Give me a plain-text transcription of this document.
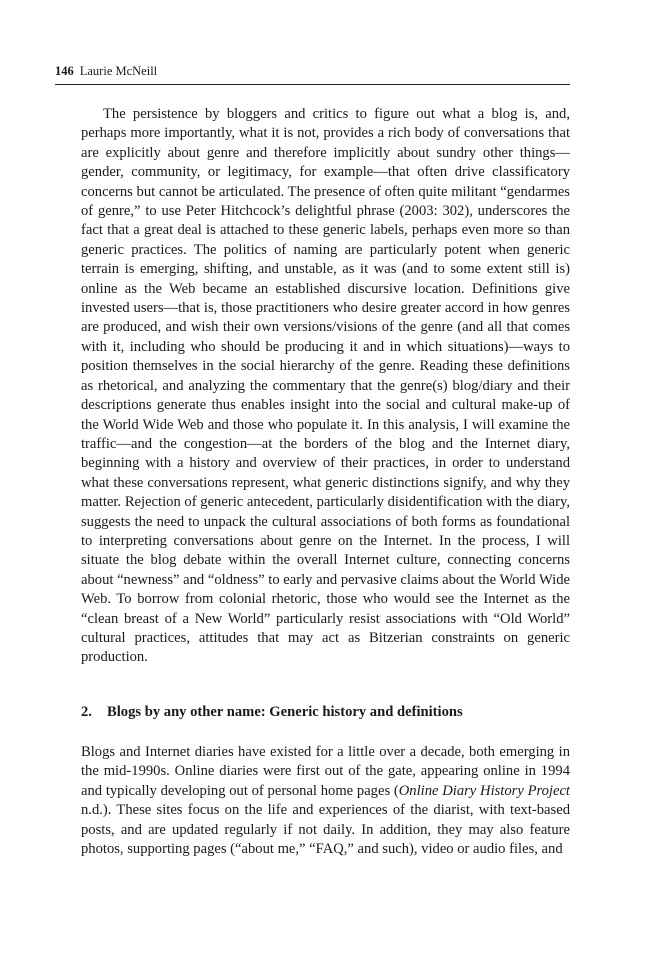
146 Laurie McNeill

The persistence by bloggers and critics to figure out what a blog is, and, perhaps more importantly, what it is not, provides a rich body of conversations that are explicitly about genre and therefore implicitly about sundry other things—gender, community, or legitimacy, for example—that often drive classificatory concerns but cannot be articulated. The presence of often quite militant “gendarmes of genre,” to use Peter Hitchcock’s delightful phrase (2003: 302), underscores the fact that a great deal is attached to these generic labels, perhaps even more so than generic practices. The politics of naming are particularly potent when generic terrain is emerging, shifting, and unstable, as it was (and to some extent still is) online as the Web became an established discursive location. Definitions give invested users—that is, those practitioners who desire greater accord in how genres are produced, and wish their own versions/visions of the genre (and all that comes with it, including who should be producing it and in which situations)—ways to position themselves in the social hierarchy of the genre. Reading these definitions as rhetorical, and analyzing the commentary that the genre(s) blog/diary and their descriptions generate thus enables insight into the social and cultural make-up of the World Wide Web and those who populate it. In this analysis, I will examine the traffic—and the congestion—at the borders of the blog and the Internet diary, beginning with a history and overview of their practices, in order to understand what these conversations represent, what generic distinctions signify, and why they matter. Rejection of generic antecedent, particularly disidentification with the diary, suggests the need to unpack the cultural associations of both forms as foundational to interpreting conversations about genre on the Internet. In the process, I will situate the blog debate within the overall Internet culture, connecting concerns about “newness” and “oldness” to early and pervasive claims about the World Wide Web. To borrow from colonial rhetoric, those who would see the Internet as the “clean breast of a New World” particularly resist associations with “Old World” cultural practices, attitudes that may act as Bitzerian constraints on generic production.

2. Blogs by any other name: Generic history and definitions

Blogs and Internet diaries have existed for a little over a decade, both emerging in the mid-1990s. Online diaries were first out of the gate, appearing online in 1994 and typically developing out of personal home pages (Online Diary History Project n.d.). These sites focus on the life and experiences of the diarist, with text-based posts, and are updated regularly if not daily. In addition, they may also feature photos, supporting pages (“about me,” “FAQ,” and such), video or audio files, and
